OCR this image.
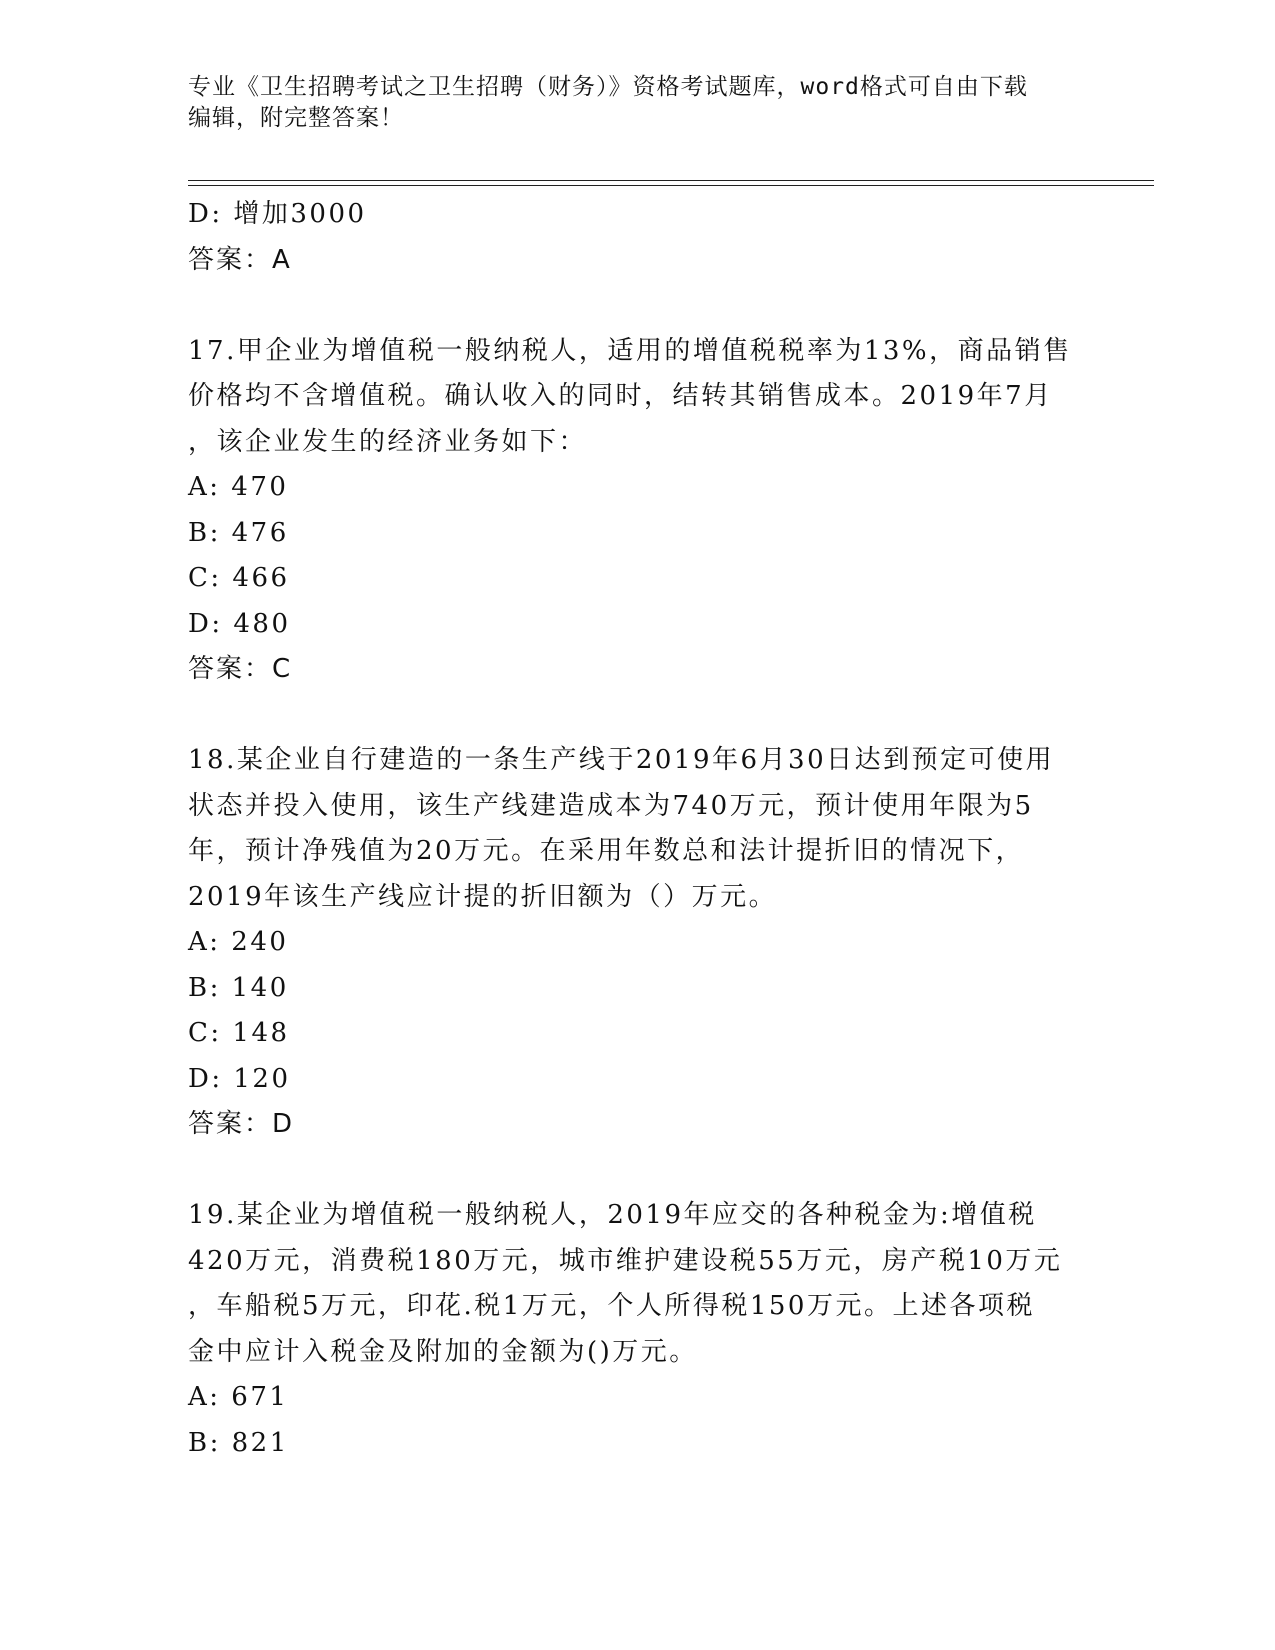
专业《卫生招聘考试之卫生招聘（财务）》资格考试题库，word格式可自由下载
编辑，附完整答案！
D: 增加3000
答案：A
17.甲企业为增值税一般纳税人，适用的增值税税率为13%，商品销售
价格均不含增值税。确认收入的同时，结转其销售成本。2019年7月
，该企业发生的经济业务如下：
A: 470
B: 476
C: 466
D: 480
答案：C
18.某企业自行建造的一条生产线于2019年6月30日达到预定可使用
状态并投入使用，该生产线建造成本为740万元，预计使用年限为5
年，预计净残值为20万元。在采用年数总和法计提折旧的情况下，
2019年该生产线应计提的折旧额为（）万元。
A: 240
B: 140
C: 148
D: 120
答案：D
19.某企业为增值税一般纳税人，2019年应交的各种税金为:增值税
420万元，消费税180万元，城市维护建设税55万元，房产税10万元
，车船税5万元，印花.税1万元，个人所得税150万元。上述各项税
金中应计入税金及附加的金额为()万元。
A: 671
B: 821
